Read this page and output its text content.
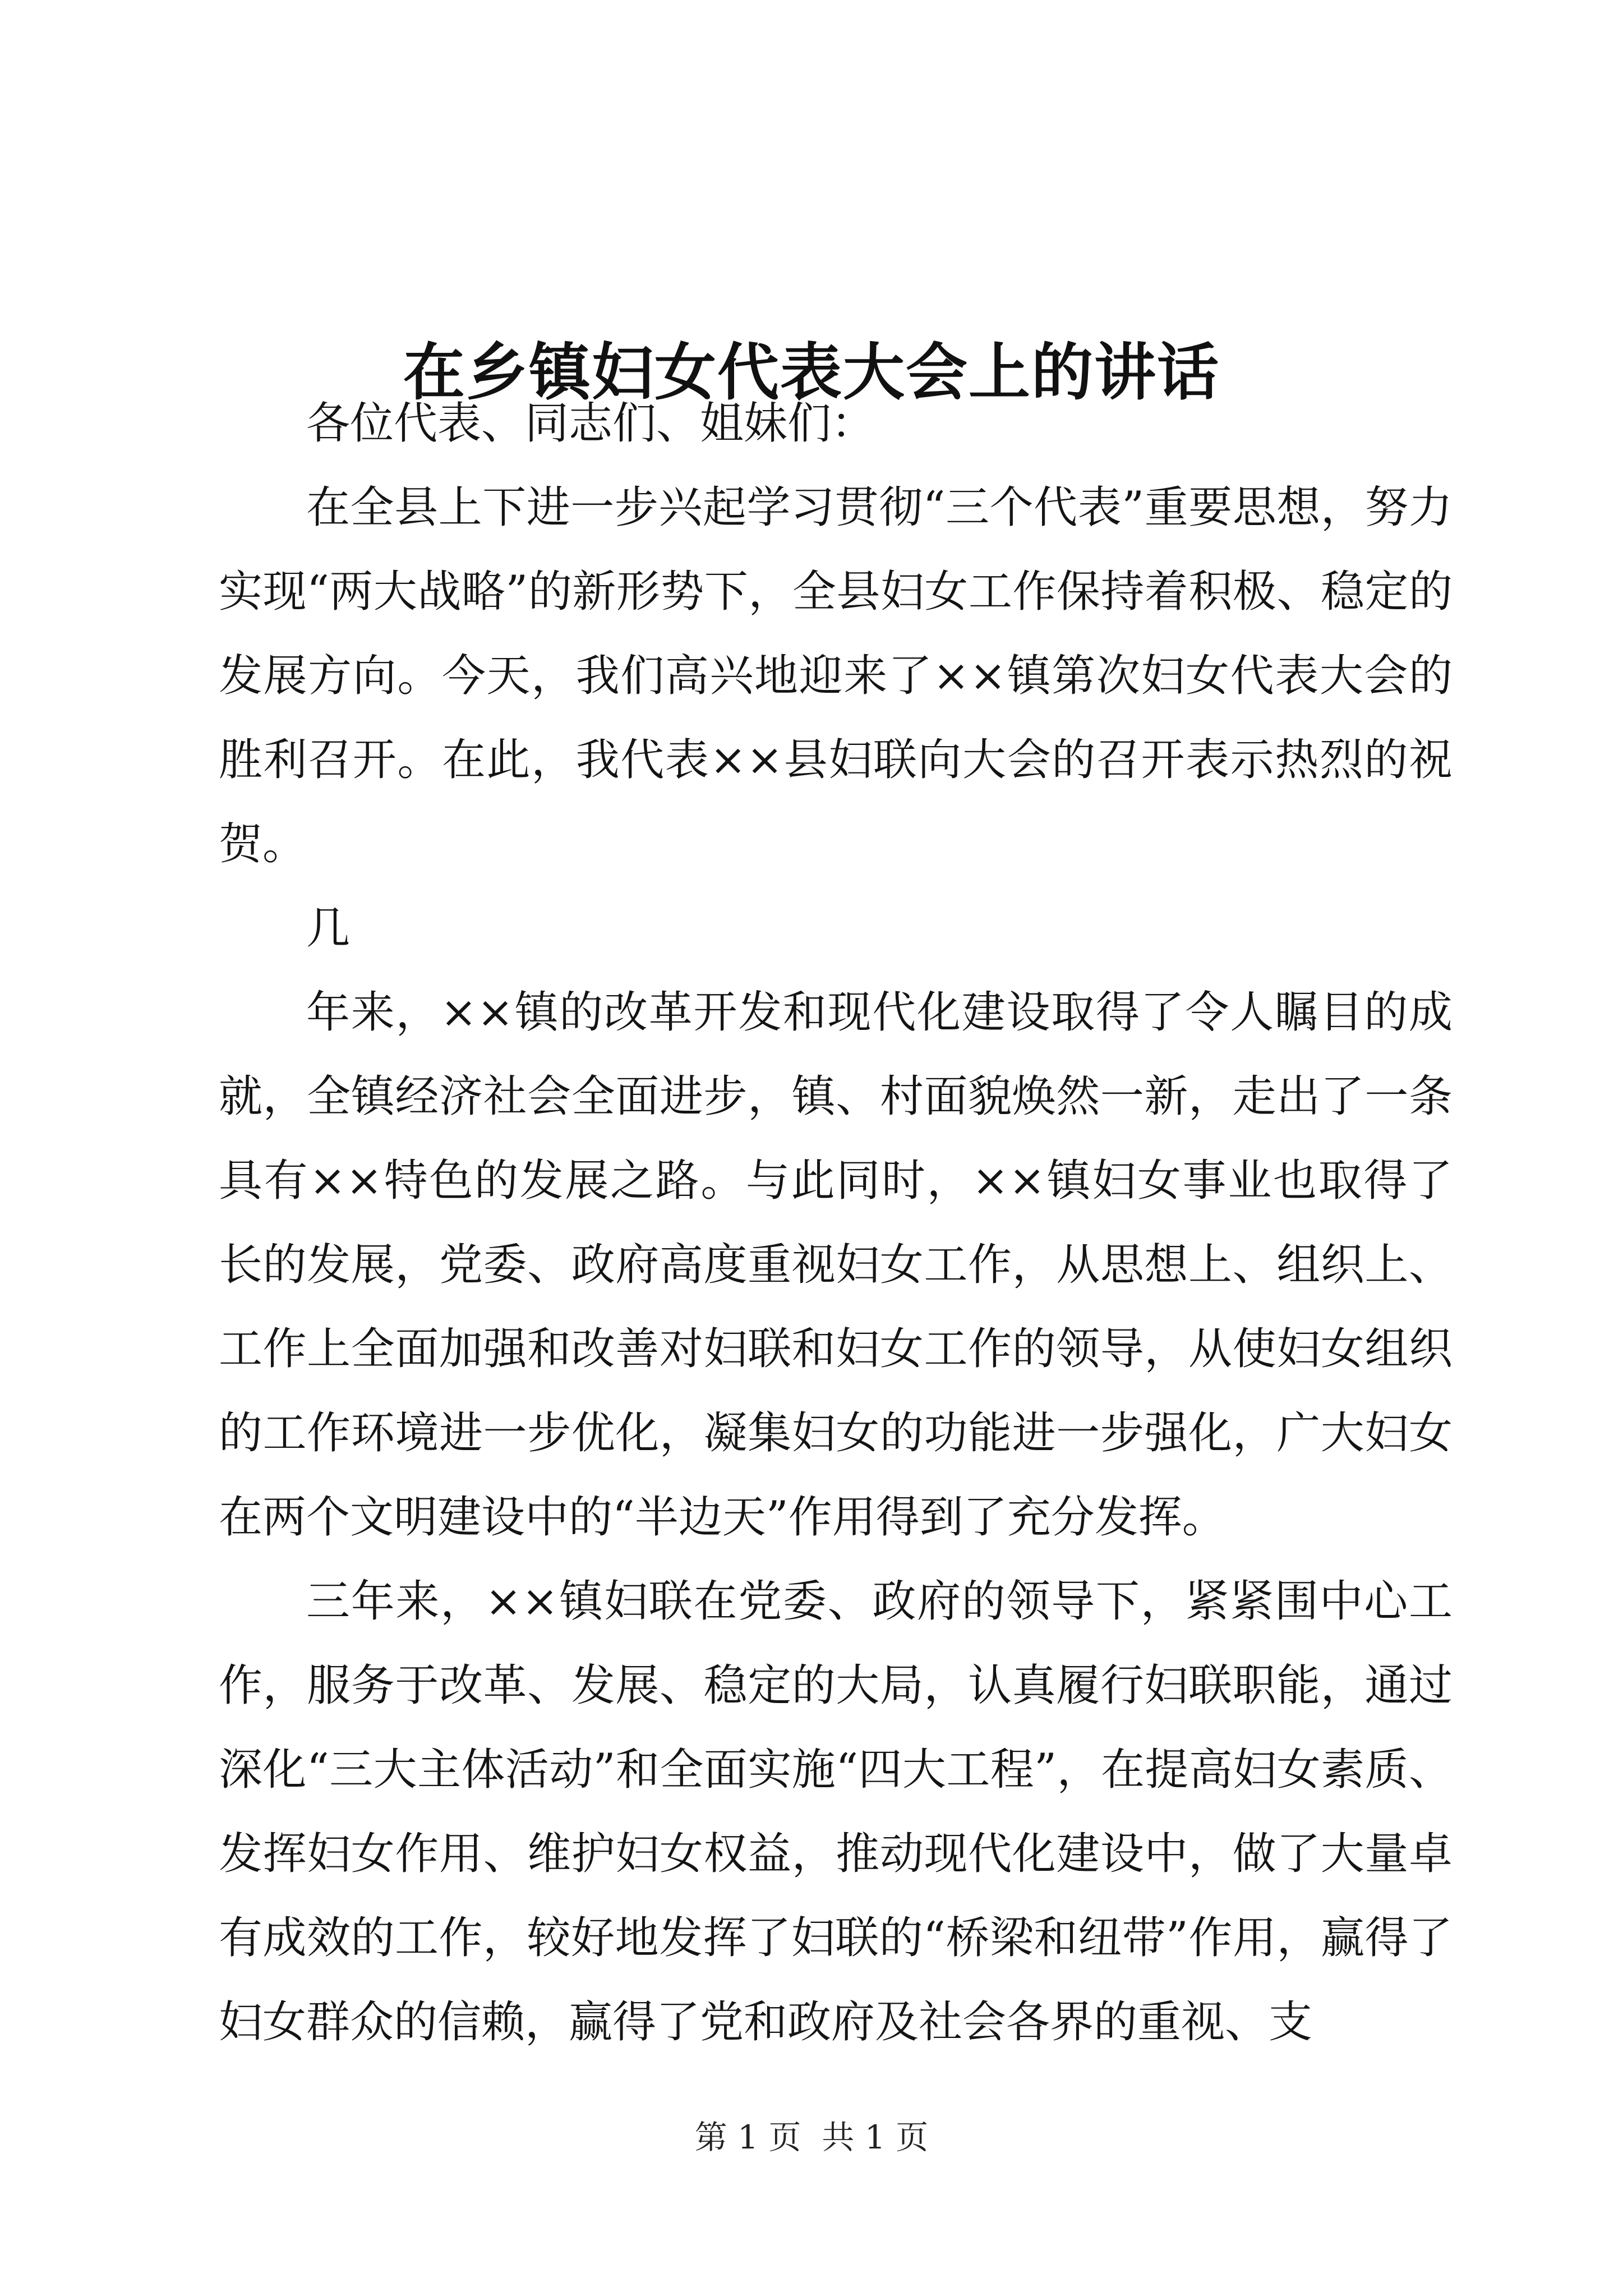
在乡镇妇女代表大会上的讲话

各位代表、同志们、姐妹们：

在全县上下进一步兴起学习贯彻“三个代表”重要思想，努力实现“两大战略”的新形势下，全县妇女工作保持着积极、稳定的发展方向。今天，我们高兴地迎来了××镇第次妇女代表大会的胜利召开。在此，我代表××县妇联向大会的召开表示热烈的祝贺。

几

年来，××镇的改革开发和现代化建设取得了令人瞩目的成就，全镇经济社会全面进步，镇、村面貌焕然一新，走出了一条具有××特色的发展之路。与此同时，××镇妇女事业也取得了长的发展，党委、政府高度重视妇女工作，从思想上、组织上、工作上全面加强和改善对妇联和妇女工作的领导，从使妇女组织的工作环境进一步优化，凝集妇女的功能进一步强化，广大妇女在两个文明建设中的“半边天”作用得到了充分发挥。

三年来，××镇妇联在党委、政府的领导下，紧紧围中心工作，服务于改革、发展、稳定的大局，认真履行妇联职能，通过深化“三大主体活动”和全面实施“四大工程”，在提高妇女素质、发挥妇女作用、维护妇女权益，推动现代化建设中，做了大量卓有成效的工作，较好地发挥了妇联的“桥梁和纽带”作用，赢得了妇女群众的信赖，赢得了党和政府及社会各界的重视、支

第 1 页  共 1 页
